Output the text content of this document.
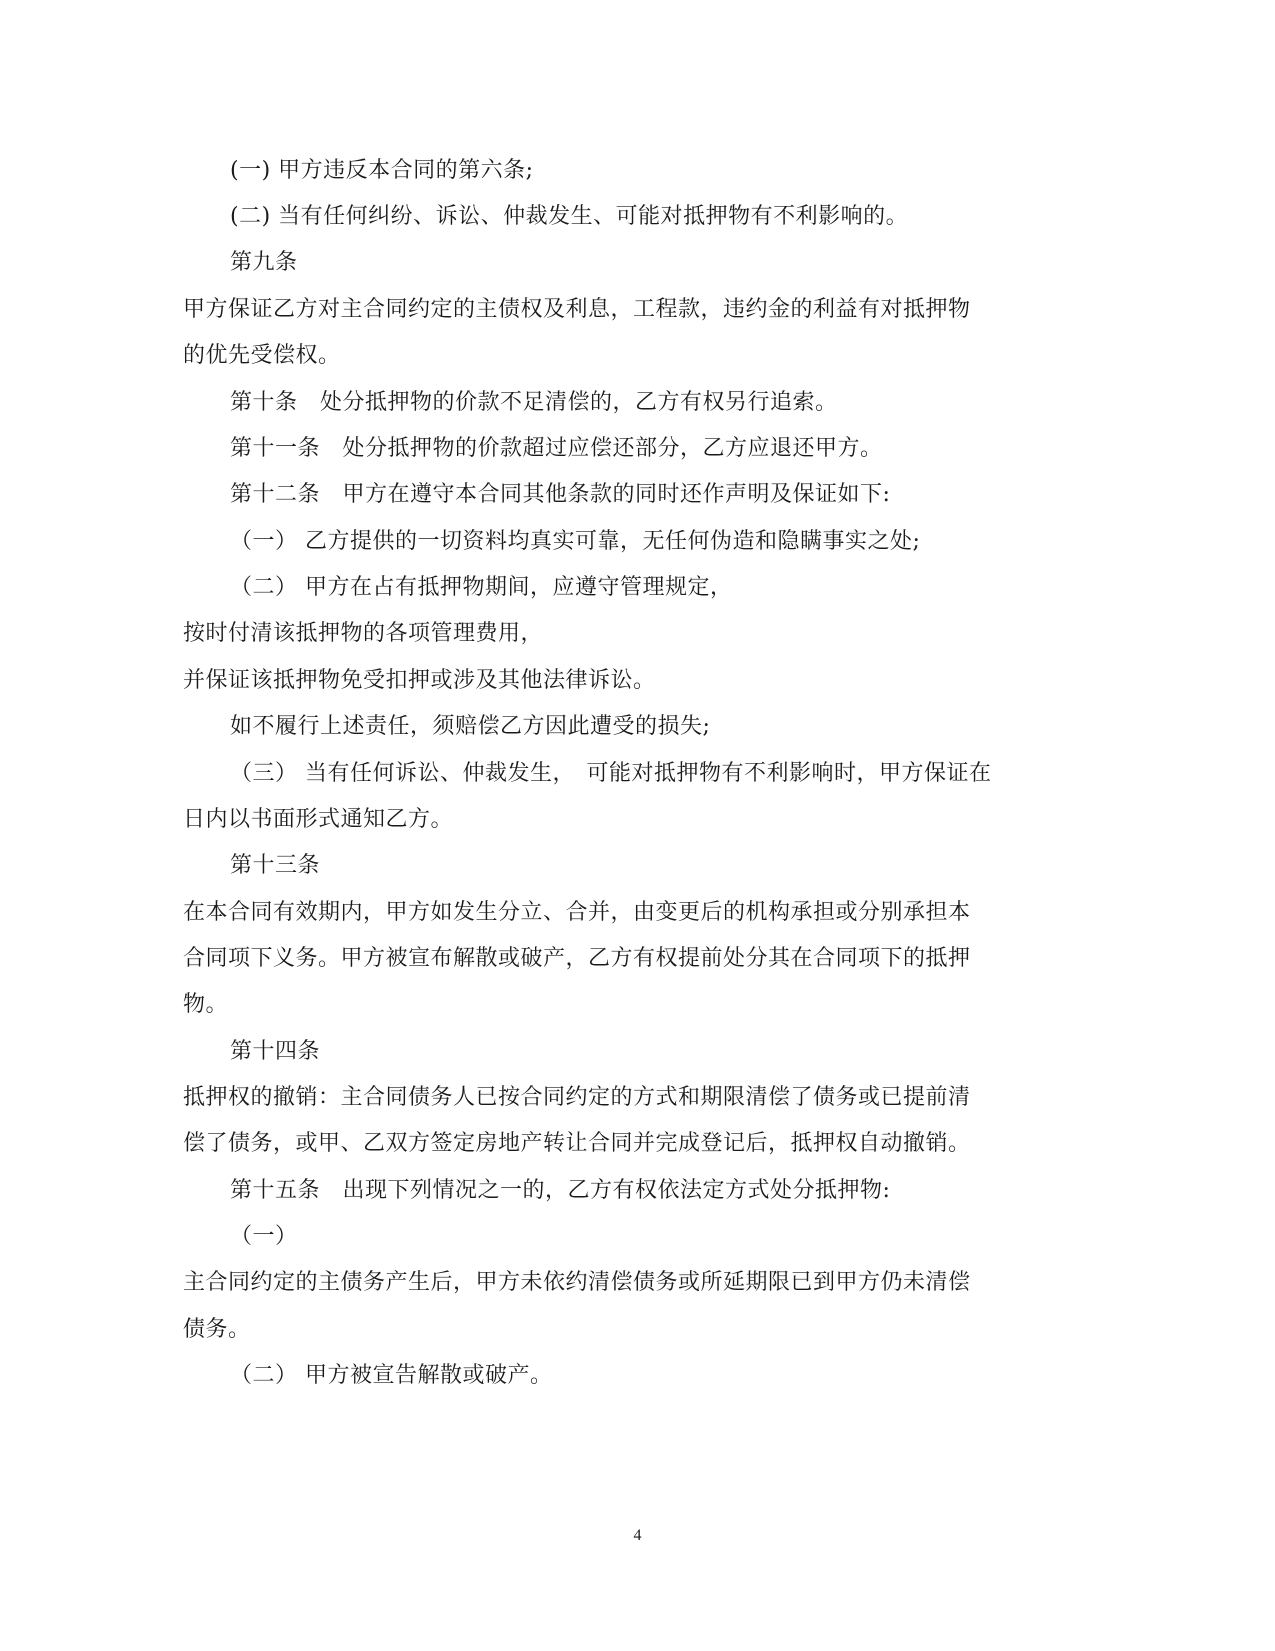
(一) 甲方违反本合同的第六条;
(二) 当有任何纠纷、诉讼、仲裁发生、可能对抵押物有不利影响的。
第九条
甲方保证乙方对主合同约定的主债权及利息，工程款，违约金的利益有对抵押物
的优先受偿权。
第十条　处分抵押物的价款不足清偿的，乙方有权另行追索。
第十一条　处分抵押物的价款超过应偿还部分，乙方应退还甲方。
第十二条　甲方在遵守本合同其他条款的同时还作声明及保证如下:
（一） 乙方提供的一切资料均真实可靠，无任何伪造和隐瞒事实之处;
（二） 甲方在占有抵押物期间，应遵守管理规定，
按时付清该抵押物的各项管理费用，
并保证该抵押物免受扣押或涉及其他法律诉讼。
如不履行上述责任，须赔偿乙方因此遭受的损失;
（三） 当有任何诉讼、仲裁发生，　可能对抵押物有不利影响时，甲方保证在
日内以书面形式通知乙方。
第十三条
在本合同有效期内，甲方如发生分立、合并，由变更后的机构承担或分别承担本
合同项下义务。甲方被宣布解散或破产，乙方有权提前处分其在合同项下的抵押
物。
第十四条
抵押权的撤销：主合同债务人已按合同约定的方式和期限清偿了债务或已提前清
偿了债务，或甲、乙双方签定房地产转让合同并完成登记后，抵押权自动撤销。
第十五条　出现下列情况之一的，乙方有权依法定方式处分抵押物:
（一）
主合同约定的主债务产生后，甲方未依约清偿债务或所延期限已到甲方仍未清偿
债务。
（二） 甲方被宣告解散或破产。
4
